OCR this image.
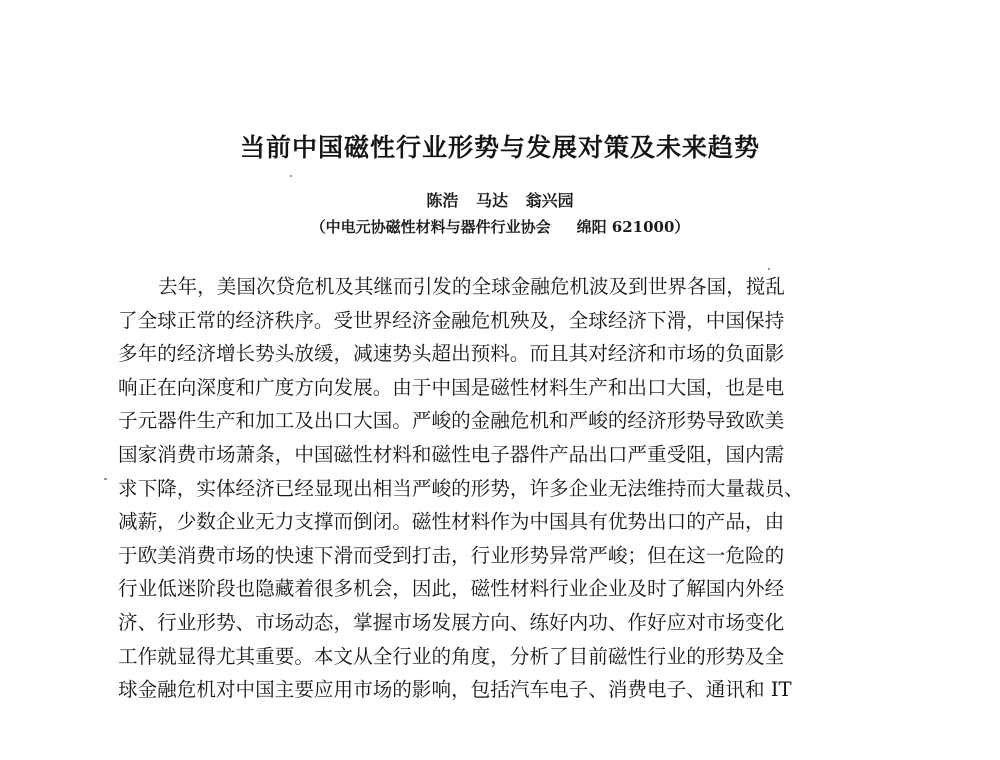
当前中国磁性行业形势与发展对策及未来趋势
陈浩 马达 翁兴园
（中电元协磁性材料与器件行业协会 绵阳 621000）
去年，美国次贷危机及其继而引发的全球金融危机波及到世界各国，搅乱
了全球正常的经济秩序。受世界经济金融危机殃及，全球经济下滑，中国保持
多年的经济增长势头放缓，减速势头超出预料。而且其对经济和市场的负面影
响正在向深度和广度方向发展。由于中国是磁性材料生产和出口大国，也是电
子元器件生产和加工及出口大国。严峻的金融危机和严峻的经济形势导致欧美
国家消费市场萧条，中国磁性材料和磁性电子器件产品出口严重受阻，国内需
求下降，实体经济已经显现出相当严峻的形势，许多企业无法维持而大量裁员、
减薪，少数企业无力支撑而倒闭。磁性材料作为中国具有优势出口的产品，由
于欧美消费市场的快速下滑而受到打击，行业形势异常严峻；但在这一危险的
行业低迷阶段也隐藏着很多机会，因此，磁性材料行业企业及时了解国内外经
济、行业形势、市场动态，掌握市场发展方向、练好内功、作好应对市场变化
工作就显得尤其重要。本文从全行业的角度，分析了目前磁性行业的形势及全
球金融危机对中国主要应用市场的影响，包括汽车电子、消费电子、通讯和 IT
